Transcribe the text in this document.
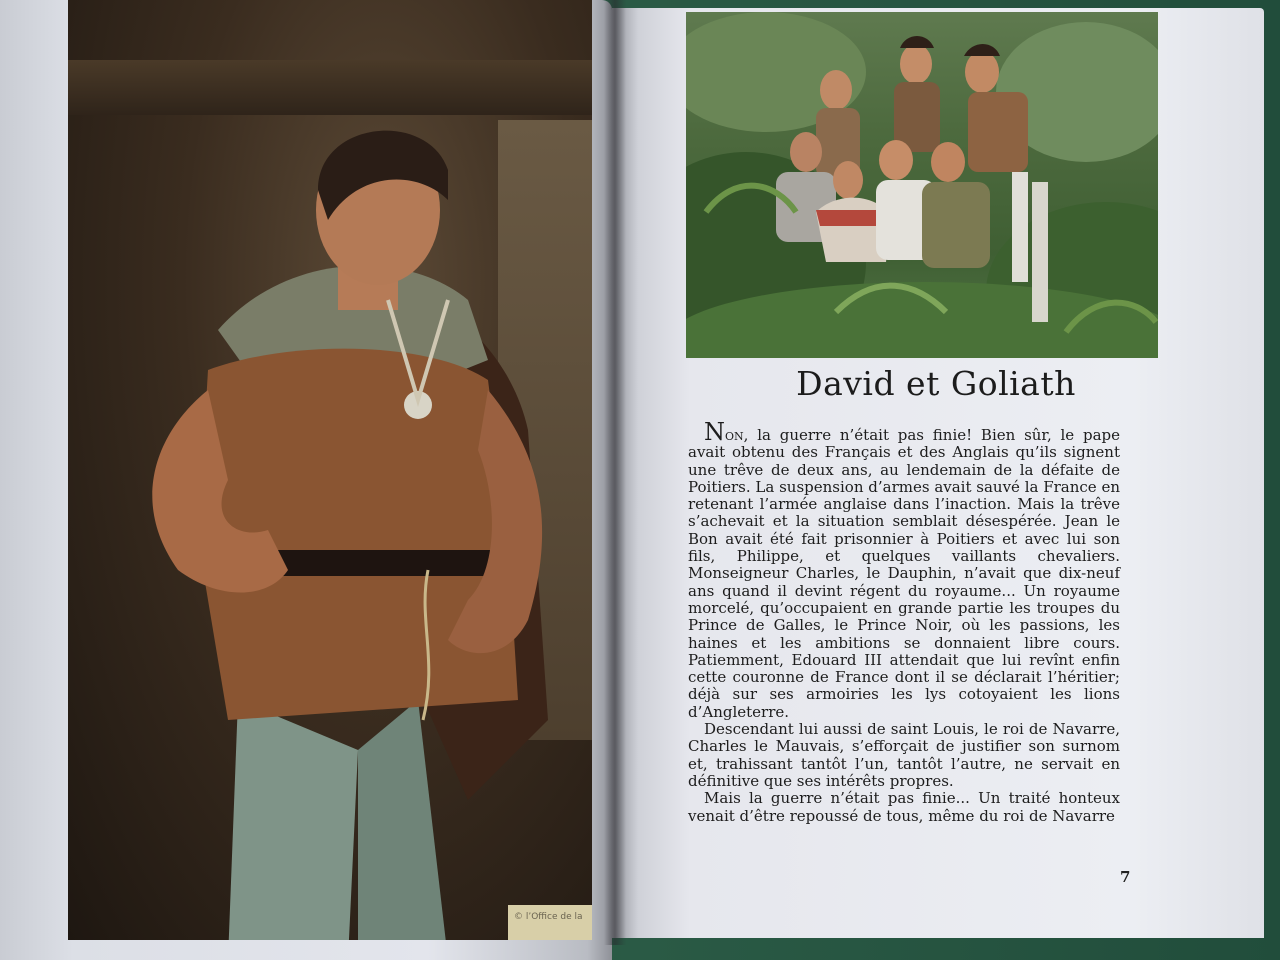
© l’Office de la
David et Goliath

Non, la guerre n’était pas finie! Bien sûr, le pape avait obtenu des Français et des Anglais qu’ils signent une trêve de deux ans, au lendemain de la défaite de Poitiers. La suspension d’armes avait sauvé la France en retenant l’armée anglaise dans l’inaction. Mais la trêve s’achevait et la situation semblait désespérée. Jean le Bon avait été fait prisonnier à Poitiers et avec lui son fils, Philippe, et quelques vaillants chevaliers. Monseigneur Charles, le Dauphin, n’avait que dix-neuf ans quand il devint régent du royaume... Un royaume morcelé, qu’occupaient en grande partie les troupes du Prince de Galles, le Prince Noir, où les passions, les haines et les ambitions se donnaient libre cours. Patiemment, Edouard III attendait que lui revînt enfin cette couronne de France dont il se déclarait l’héritier; déjà sur ses armoiries les lys cotoyaient les lions d’Angleterre.

Descendant lui aussi de saint Louis, le roi de Navarre, Charles le Mauvais, s’efforçait de justifier son surnom et, trahissant tantôt l’un, tantôt l’autre, ne servait en définitive que ses intérêts propres.

Mais la guerre n’était pas finie... Un traité honteux venait d’être repoussé de tous, même du roi de Navarre

7
